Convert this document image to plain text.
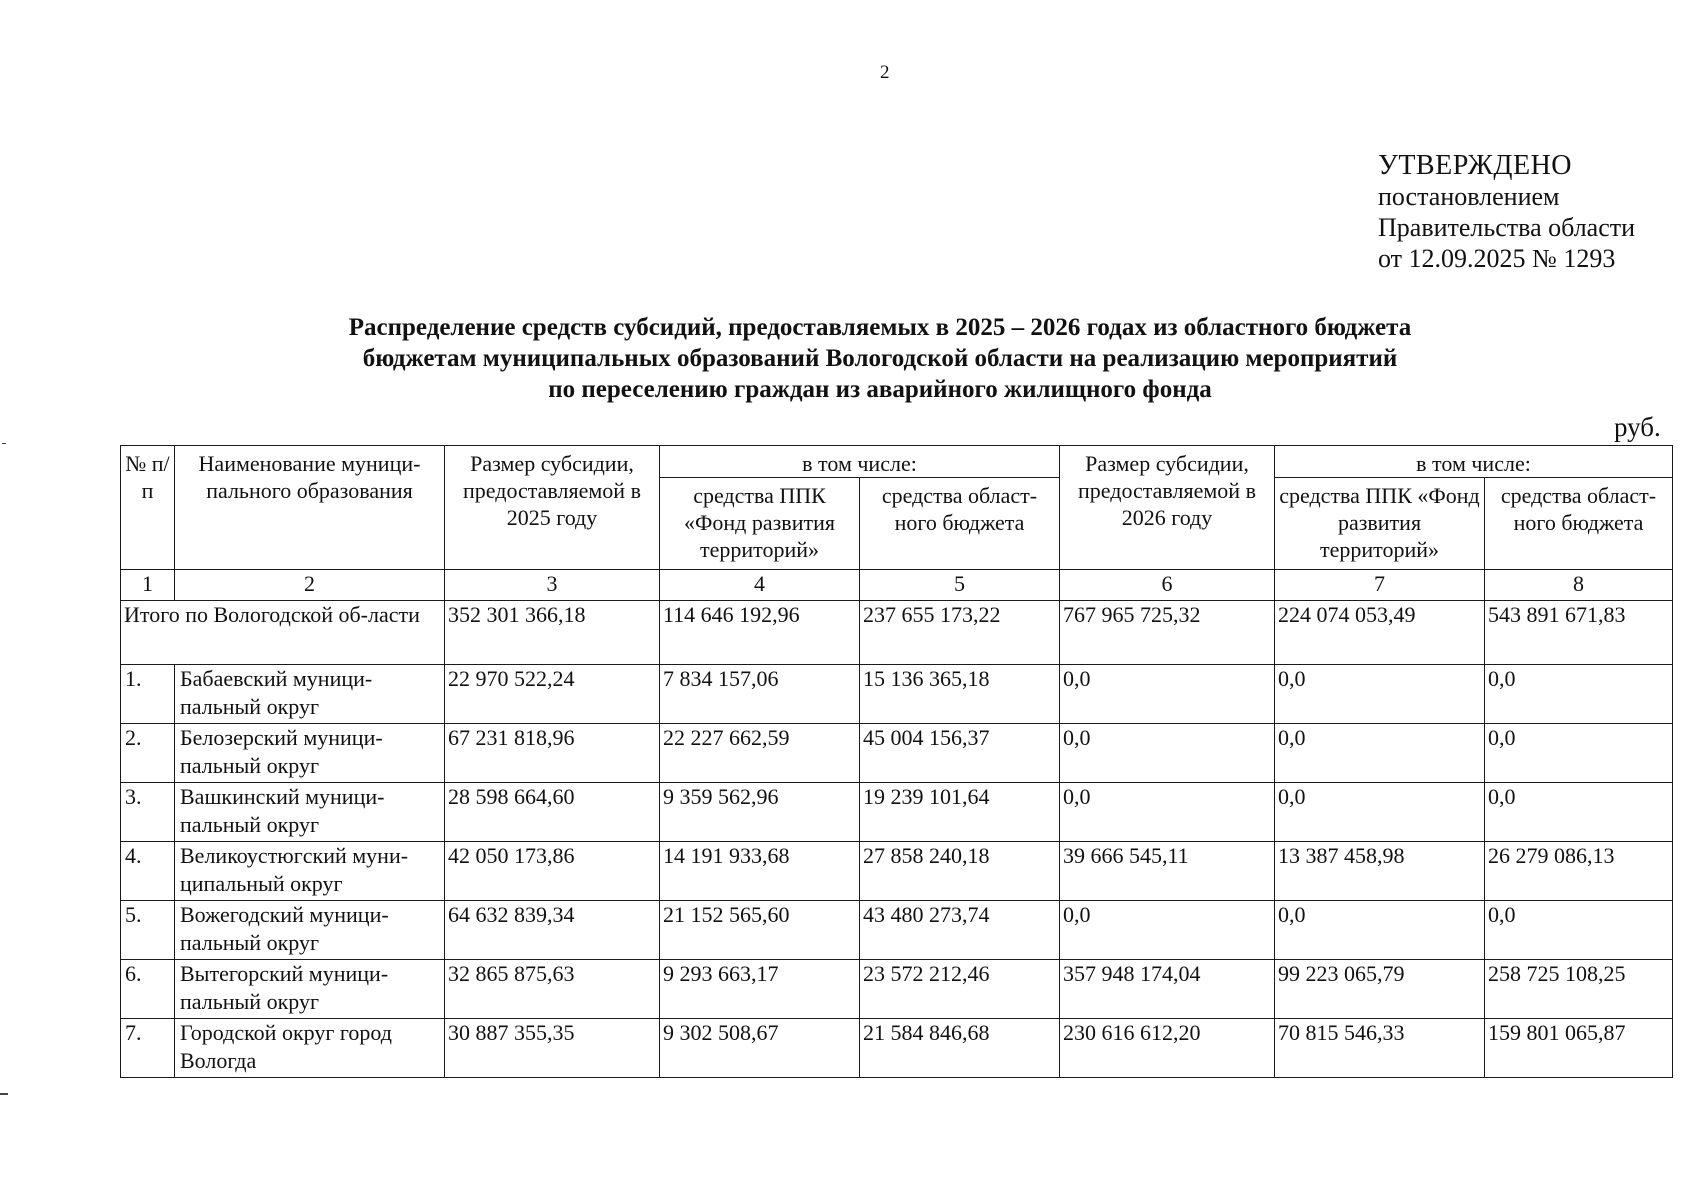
2
УТВЕРЖДЕНО
постановлением
Правительства области
от 12.09.2025 № 1293
Распределение средств субсидий, предоставляемых в 2025 – 2026 годах из областного бюджета
бюджетам муниципальных образований Вологодской области на реализацию мероприятий
по переселению граждан из аварийного жилищного фонда
руб.
№ п/п	Наименование муници-пального образования	Размер субсидии, предоставляемой в 2025 году	в том числе:		Размер субсидии, предоставляемой в 2026 году	в том числе:	
			средства ППК «Фонд развития территорий»	средства област-ного бюджета		средства ППК «Фонд развития территорий»	средства област-ного бюджета
1	2	3	4	5	6	7	8
Итого по Вологодской об-ласти		352 301 366,18	114 646 192,96	237 655 173,22	767 965 725,32	224 074 053,49	543 891 671,83
1.	Бабаевский муници-пальный округ	22 970 522,24	7 834 157,06	15 136 365,18	0,0	0,0	0,0
2.	Белозерский муници-пальный округ	67 231 818,96	22 227 662,59	45 004 156,37	0,0	0,0	0,0
3.	Вашкинский муници-пальный округ	28 598 664,60	9 359 562,96	19 239 101,64	0,0	0,0	0,0
4.	Великоустюгский муни-ципальный округ	42 050 173,86	14 191 933,68	27 858 240,18	39 666 545,11	13 387 458,98	26 279 086,13
5.	Вожегодский муници-пальный округ	64 632 839,34	21 152 565,60	43 480 273,74	0,0	0,0	0,0
6.	Вытегорский муници-пальный округ	32 865 875,63	9 293 663,17	23 572 212,46	357 948 174,04	99 223 065,79	258 725 108,25
7.	Городской округ город Вологда	30 887 355,35	9 302 508,67	21 584 846,68	230 616 612,20	70 815 546,33	159 801 065,87
